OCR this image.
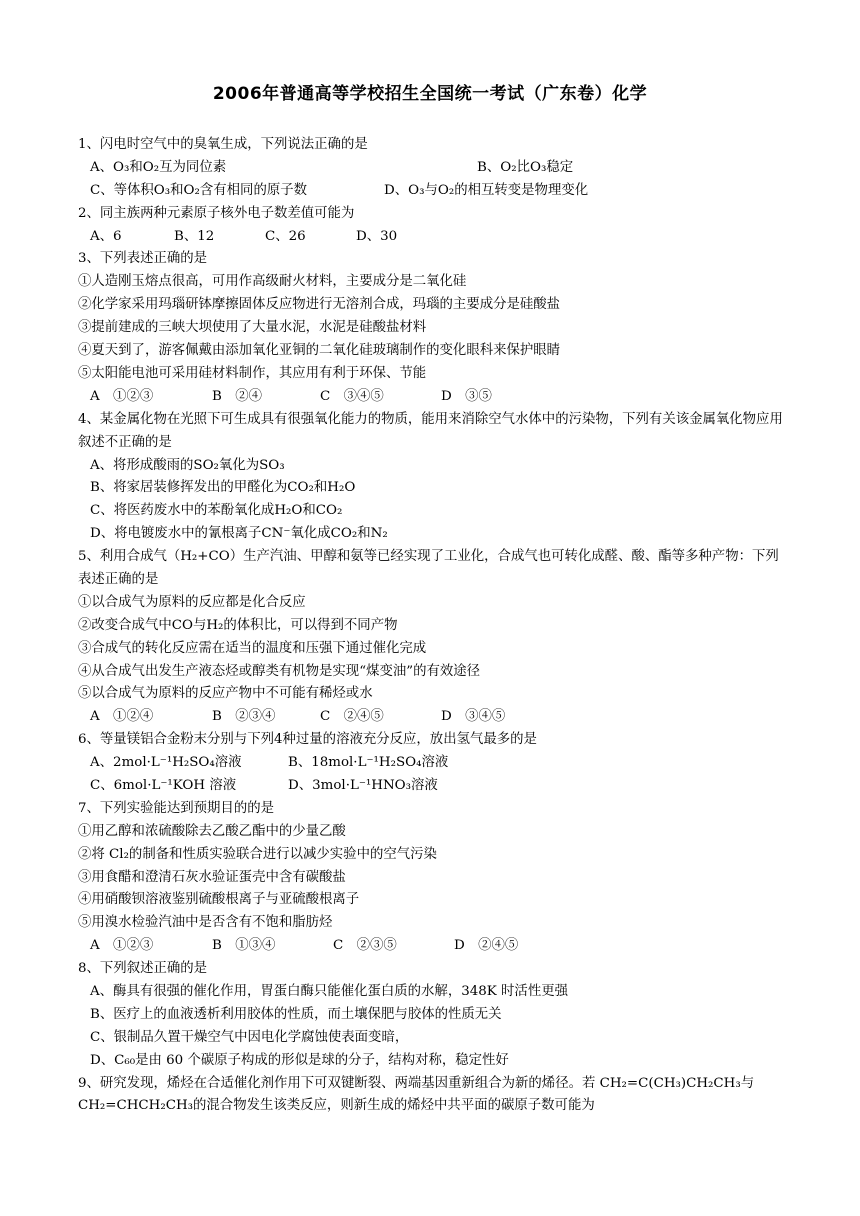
2006年普通高等学校招生全国统一考试（广东卷）化学
1、闪电时空气中的臭氧生成，下列说法正确的是
A、O₃和O₂互为同位素	B、O₂比O₃稳定
C、等体积O₃和O₂含有相同的原子数	D、O₃与O₂的相互转变是物理变化
2、同主族两种元素原子核外电子数差值可能为
A、6	B、12	C、26	D、30
3、下列表述正确的是
①人造刚玉熔点很高，可用作高级耐火材料，主要成分是二氧化硅
②化学家采用玛瑙研钵摩擦固体反应物进行无溶剂合成，玛瑙的主要成分是硅酸盐
③提前建成的三峡大坝使用了大量水泥，水泥是硅酸盐材料
④夏天到了，游客佩戴由添加氧化亚铜的二氧化硅玻璃制作的变化眼科来保护眼睛
⑤太阳能电池可采用硅材料制作，其应用有利于环保、节能
A　①②③	B　②④	C　③④⑤	D　③⑤
4、某金属化物在光照下可生成具有很强氧化能力的物质，能用来消除空气水体中的污染物，下列有关该金属氧化物应用叙述不正确的是
A、将形成酸雨的SO₂氧化为SO₃
B、将家居装修挥发出的甲醛化为CO₂和H₂O
C、将医药废水中的苯酚氧化成H₂O和CO₂
D、将电镀废水中的氰根离子CN⁻氧化成CO₂和N₂
5、利用合成气（H₂+CO）生产汽油、甲醇和氨等已经实现了工业化，合成气也可转化成醛、酸、酯等多种产物：下列表述正确的是
①以合成气为原料的反应都是化合反应
②改变合成气中CO与H₂的体积比，可以得到不同产物
③合成气的转化反应需在适当的温度和压强下通过催化完成
④从合成气出发生产液态烃或醇类有机物是实现“煤变油”的有效途径
⑤以合成气为原料的反应产物中不可能有稀烃或水
A　①②④	B　②③④	C　②④⑤	D　③④⑤
6、等量镁铝合金粉末分别与下列4种过量的溶液充分反应，放出氢气最多的是
A、2mol·L⁻¹H₂SO₄溶液	B、18mol·L⁻¹H₂SO₄溶液
C、6mol·L⁻¹KOH 溶液	D、3mol·L⁻¹HNO₃溶液
7、下列实验能达到预期目的的是
①用乙醇和浓硫酸除去乙酸乙酯中的少量乙酸
②将 Cl₂的制备和性质实验联合进行以减少实验中的空气污染
③用食醋和澄清石灰水验证蛋壳中含有碳酸盐
④用硝酸钡溶液鉴别硫酸根离子与亚硫酸根离子
⑤用溴水检验汽油中是否含有不饱和脂肪烃
A　①②③	B　①③④	C　②③⑤	D　②④⑤
8、下列叙述正确的是
A、酶具有很强的催化作用，胃蛋白酶只能催化蛋白质的水解，348K 时活性更强
B、医疗上的血液透析利用胶体的性质，而土壤保肥与胶体的性质无关
C、银制品久置干燥空气中因电化学腐蚀使表面变暗，
D、C₆₀是由 60 个碳原子构成的形似是球的分子，结构对称，稳定性好
9、研究发现，烯烃在合适催化剂作用下可双键断裂、两端基因重新组合为新的烯径。若 CH₂=C(CH₃)CH₂CH₃与 CH₂=CHCH₂CH₃的混合物发生该类反应，则新生成的烯烃中共平面的碳原子数可能为
